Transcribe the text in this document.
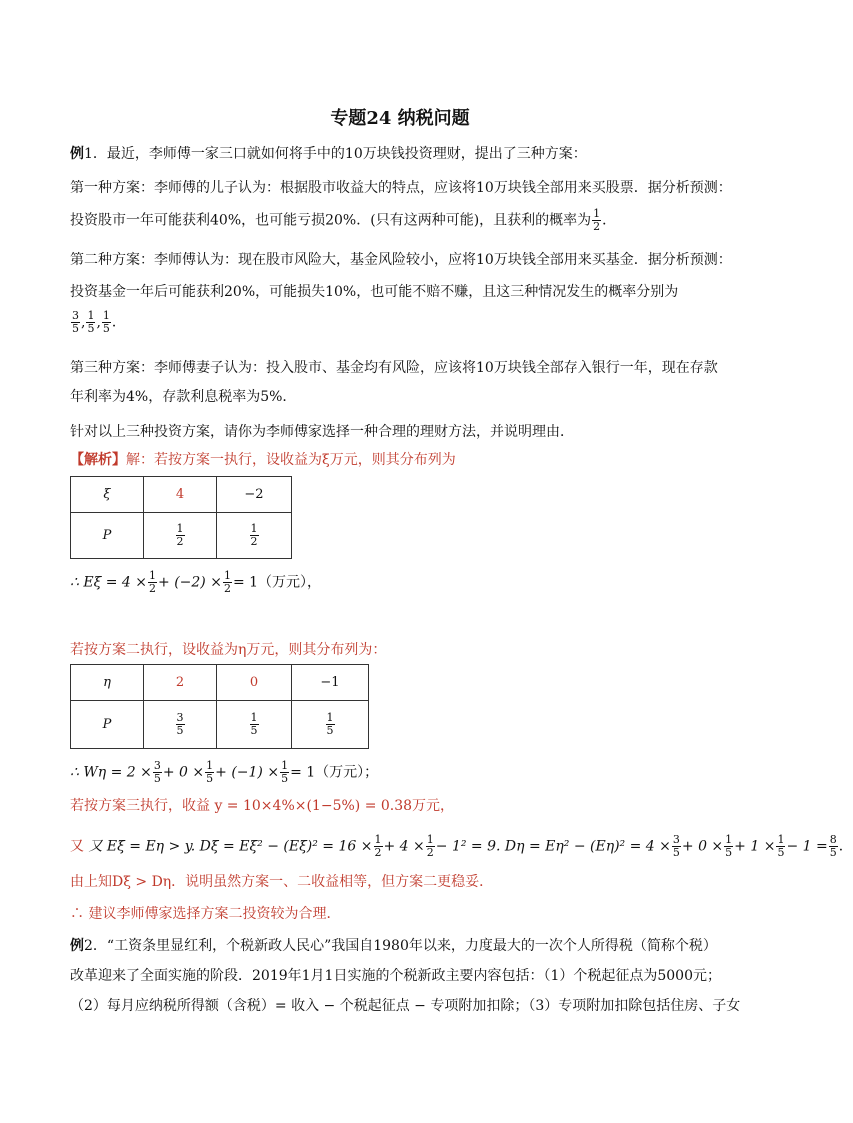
专题24 纳税问题
例1．最近，李师傅一家三口就如何将手中的10万块钱投资理财，提出了三种方案：
第一种方案：李师傅的儿子认为：根据股市收益大的特点，应该将10万块钱全部用来买股票．据分析预测：
投资股市一年可能获利40%，也可能亏损20%．(只有这两种可能)，且获利的概率为 $\frac{1}{2}$ ．
第二种方案：李师傅认为：现在股市风险大，基金风险较小，应将10万块钱全部用来买基金．据分析预测：
投资基金一年后可能获利20%，可能损失10%，也可能不赔不赚，且这三种情况发生的概率分别为
$\frac{3}{5}$ , $\frac{1}{5}$ , $\frac{1}{5}$ ．
第三种方案：李师傅妻子认为：投入股市、基金均有风险，应该将10万块钱全部存入银行一年，现在存款
年利率为4%，存款利息税率为5%．
针对以上三种投资方案，请你为李师傅家选择一种合理的理财方法，并说明理由．
【解析】解：若按方案一执行，设收益为ξ万元，则其分布列为
ξ	4	−2
P	$\frac{1}{2}$	$\frac{1}{2}$
∴ $E\xi = 4 \times \frac{1}{2} + (-2) \times \frac{1}{2} = 1$（万元），
若按方案二执行，设收益为η万元，则其分布列为：
η	2	0	−1
P	$\frac{3}{5}$	$\frac{1}{5}$	$\frac{1}{5}$
∴ $W\eta = 2 \times \frac{3}{5} + 0 \times \frac{1}{5} + (-1) \times \frac{1}{5} = 1$（万元）；
若按方案三执行，收益 y = 10×4%×(1−5%) = 0.38万元，
又 又 Eξ = Eη > y. $D\xi = E\xi^2 - (E\xi)^2 = 16 \times \frac{1}{2} + 4 \times \frac{1}{2} - 1^2 = 9$. $D\eta = E\eta^2 - (E\eta)^2 = 4 \times \frac{3}{5} + 0 \times \frac{1}{5} + 1 \times \frac{1}{5} - 1 = \frac{8}{5}$ ．
由上知Dξ > Dη．说明虽然方案一、二收益相等，但方案二更稳妥．
∴ 建议李师傅家选择方案二投资较为合理．
例2．“工资条里显红利，个税新政人民心”我国自1980年以来，力度最大的一次个人所得税（简称个税）
改革迎来了全面实施的阶段．2019年1月1日实施的个税新政主要内容包括：（1）个税起征点为5000元；
（2）每月应纳税所得额（含税）= 收入 − 个税起征点 − 专项附加扣除；（3）专项附加扣除包括住房、子女
